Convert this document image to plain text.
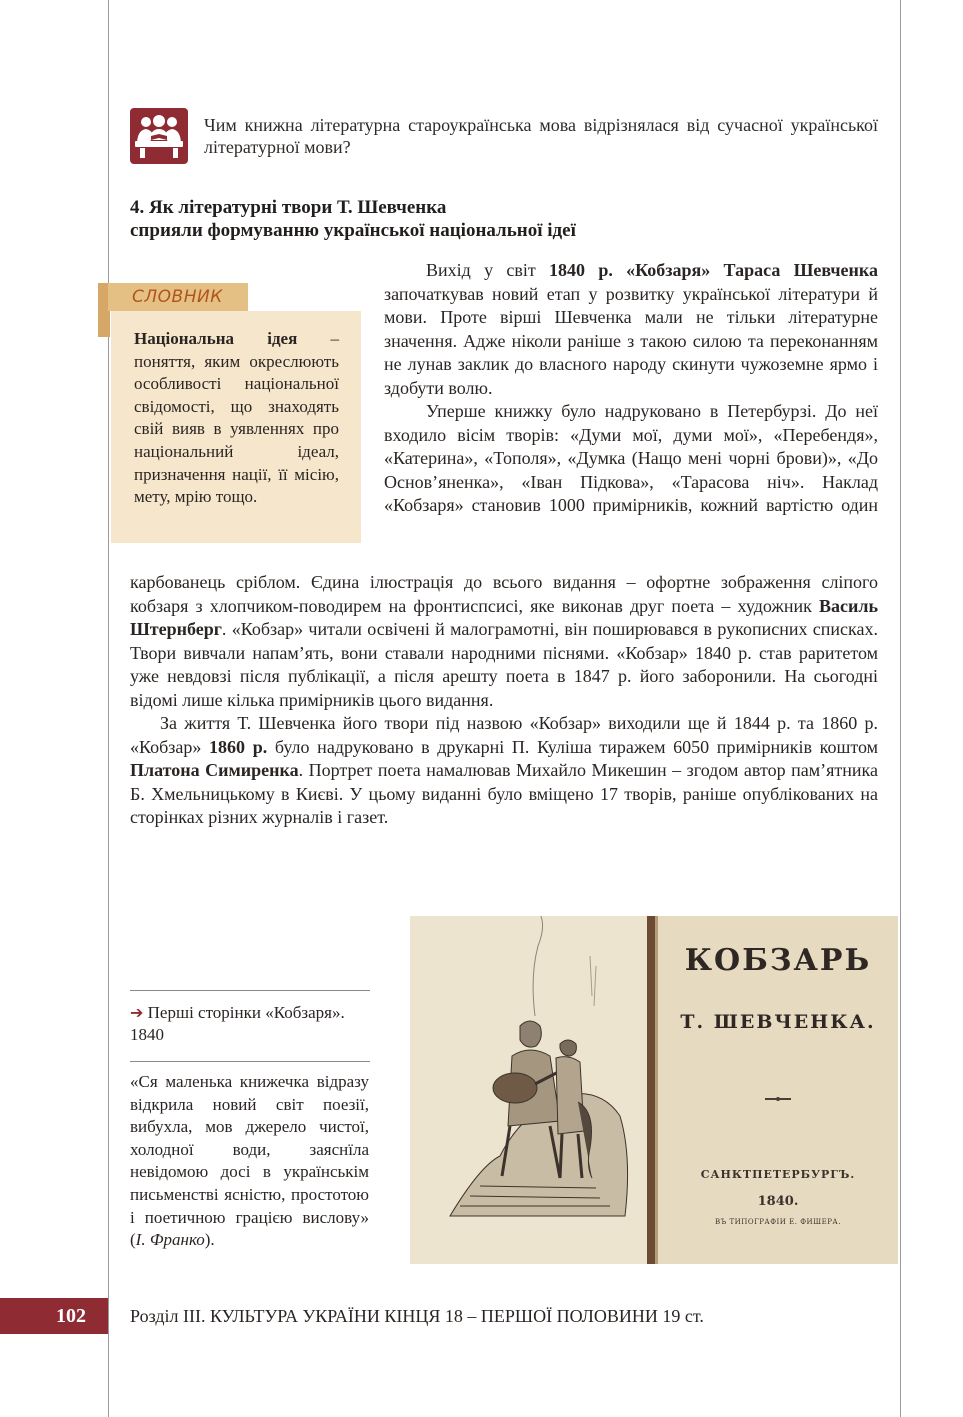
Чим книжна літературна староукраїнська мова відрізнялася від сучасної української літературної мови?
4. Як літературні твори Т. Шевченка
сприяли формуванню української національної ідеї
СЛОВНИК
Національна ідея – поняття, яким окреслюють особливості національної свідомості, що знаходять свій вияв в уявленнях про національний ідеал, призначення нації, її місію, мету, мрію тощо.

Вихід у світ 1840 р. «Кобзаря» Тараса Шевченка започаткував новий етап у розвитку української літератури й мови. Проте вірші Шевченка мали не тільки літературне значення. Адже ніколи раніше з такою силою та переконанням не лунав заклик до власного народу скинути чужоземне ярмо і здобути волю.

Уперше книжку було надруковано в Петербурзі. До неї входило вісім творів: «Думи мої, думи мої», «Перебендя», «Катерина», «Тополя», «Думка (Нащо мені чорні брови)», «До Основ’яненка», «Іван Підкова», «Тарасова ніч». Наклад «Кобзаря» становив 1000 примірників, кожний вартістю один

карбованець сріблом. Єдина ілюстрація до всього видання – офортне зображення сліпого кобзаря з хлопчиком-поводирем на фронтиспсисі, яке виконав друг поета – художник Василь Штернберг. «Кобзар» читали освічені й малограмотні, він поширювався в рукописних списках. Твори вивчали напам’ять, вони ставали народними піснями. «Кобзар» 1840 р. став раритетом уже невдовзі після публікації, а після арешту поета в 1847 р. його заборонили. На сьогодні відомі лише кілька примірників цього видання.

За життя Т. Шевченка його твори під назвою «Кобзар» виходили ще й 1844 р. та 1860 р. «Кобзар» 1860 р. було надруковано в друкарні П. Куліша тиражем 6050 примірників коштом Платона Симиренка. Портрет поета намалював Михайло Микешин – згодом автор пам’ятника Б. Хмельницькому в Києві. У цьому виданні було вміщено 17 творів, раніше опублікованих на сторінках різних журналів і газет.

➔ Перші сторінки «Кобзаря». 1840
«Ся маленька книжечка відразу відкрила новий світ поезії, вибухла, мов джерело чистої, холодної води, заяснїла невідомою досі в українськім письменстві ясністю, простотою і поетичною грацією вислову» (І. Франко).
КОБЗАРЬ
Т. ШЕВЧЕНКА.
САНКТПЕТЕРБУРГЪ.
1840.
ВЪ ТИПОГРАФІИ Е. ФИШЕРА.
102	Розділ ІІІ. КУЛЬТУРА УКРАЇНИ КІНЦЯ 18 – ПЕРШОЇ ПОЛОВИНИ 19 ст.
